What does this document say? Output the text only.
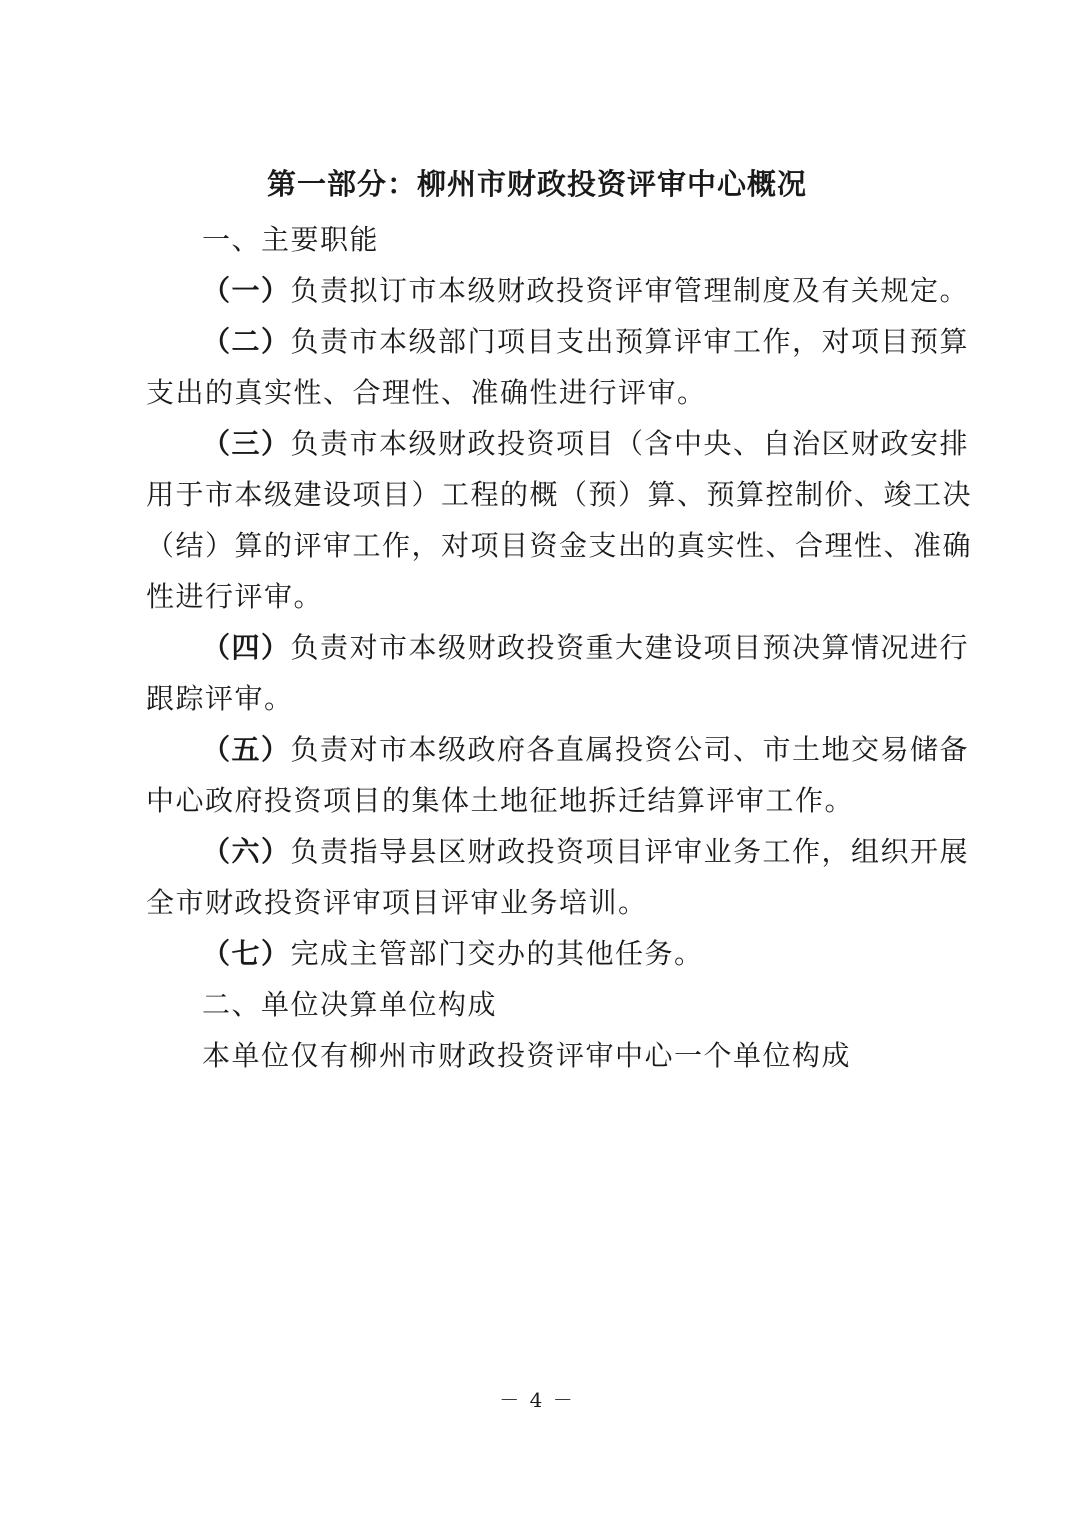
第一部分：柳州市财政投资评审中心概况

一、主要职能

（一）负责拟订市本级财政投资评审管理制度及有关规定。

（二）负责市本级部门项目支出预算评审工作，对项目预算支出的真实性、合理性、准确性进行评审。

（三）负责市本级财政投资项目（含中央、自治区财政安排用于市本级建设项目）工程的概（预）算、预算控制价、竣工决（结）算的评审工作，对项目资金支出的真实性、合理性、准确性进行评审。

（四）负责对市本级财政投资重大建设项目预决算情况进行跟踪评审。

（五）负责对市本级政府各直属投资公司、市土地交易储备中心政府投资项目的集体土地征地拆迁结算评审工作。

（六）负责指导县区财政投资项目评审业务工作，组织开展全市财政投资评审项目评审业务培训。

（七）完成主管部门交办的其他任务。

二、单位决算单位构成

本单位仅有柳州市财政投资评审中心一个单位构成

－ 4 －
